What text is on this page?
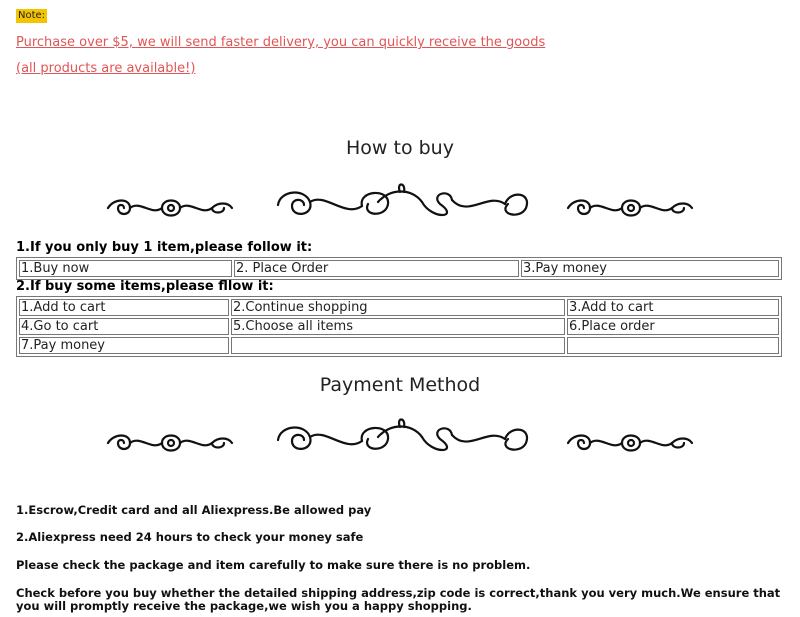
Note:
Purchase over $5, we will send faster delivery, you can quickly receive the goods
(all products are available!)
How to buy
1.If you only buy 1 item,please follow it:
1.Buy now	2. Place Order	3.Pay money
2.If buy some items,please fllow it:
1.Add to cart	2.Continue shopping	3.Add to cart
4.Go to cart	5.Choose all items	6.Place order
7.Pay money		
Payment Method
1.Escrow,Credit card and all Aliexpress.Be allowed pay
2.Aliexpress need 24 hours to check your money safe
Please check the package and item carefully to make sure there is no problem.
Check before you buy whether the detailed shipping address,zip code is correct,thank you very much.We ensure that you will promptly receive the package,we wish you a happy shopping.
